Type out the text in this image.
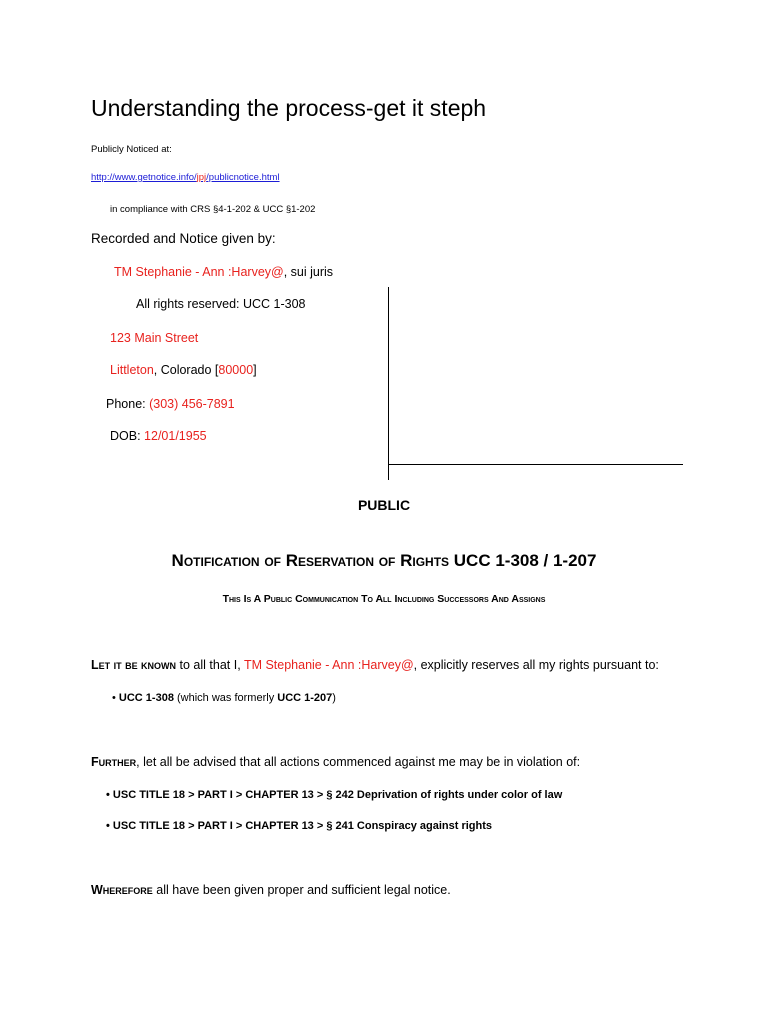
Understanding the process-get it steph
Publicly Noticed at:
http://www.getnotice.info/jpj/publicnotice.html
in compliance with CRS §4-1-202 & UCC §1-202
Recorded and Notice given by:
TM Stephanie - Ann :Harvey@, sui juris
All rights reserved: UCC 1-308
123 Main Street
Littleton, Colorado [80000]
Phone: (303) 456-7891
DOB: 12/01/1955
PUBLIC
Notification of Reservation of Rights UCC 1-308 / 1-207
This Is A Public Communication To All Including Successors And Assigns
Let it be known to all that I, TM Stephanie - Ann :Harvey@, explicitly reserves all my rights pursuant to:
• UCC 1-308 (which was formerly UCC 1-207)
Further, let all be advised that all actions commenced against me may be in violation of:
• USC TITLE 18 > PART I > CHAPTER 13 > § 242 Deprivation of rights under color of law
• USC TITLE 18 > PART I > CHAPTER 13 > § 241 Conspiracy against rights
Wherefore all have been given proper and sufficient legal notice.
